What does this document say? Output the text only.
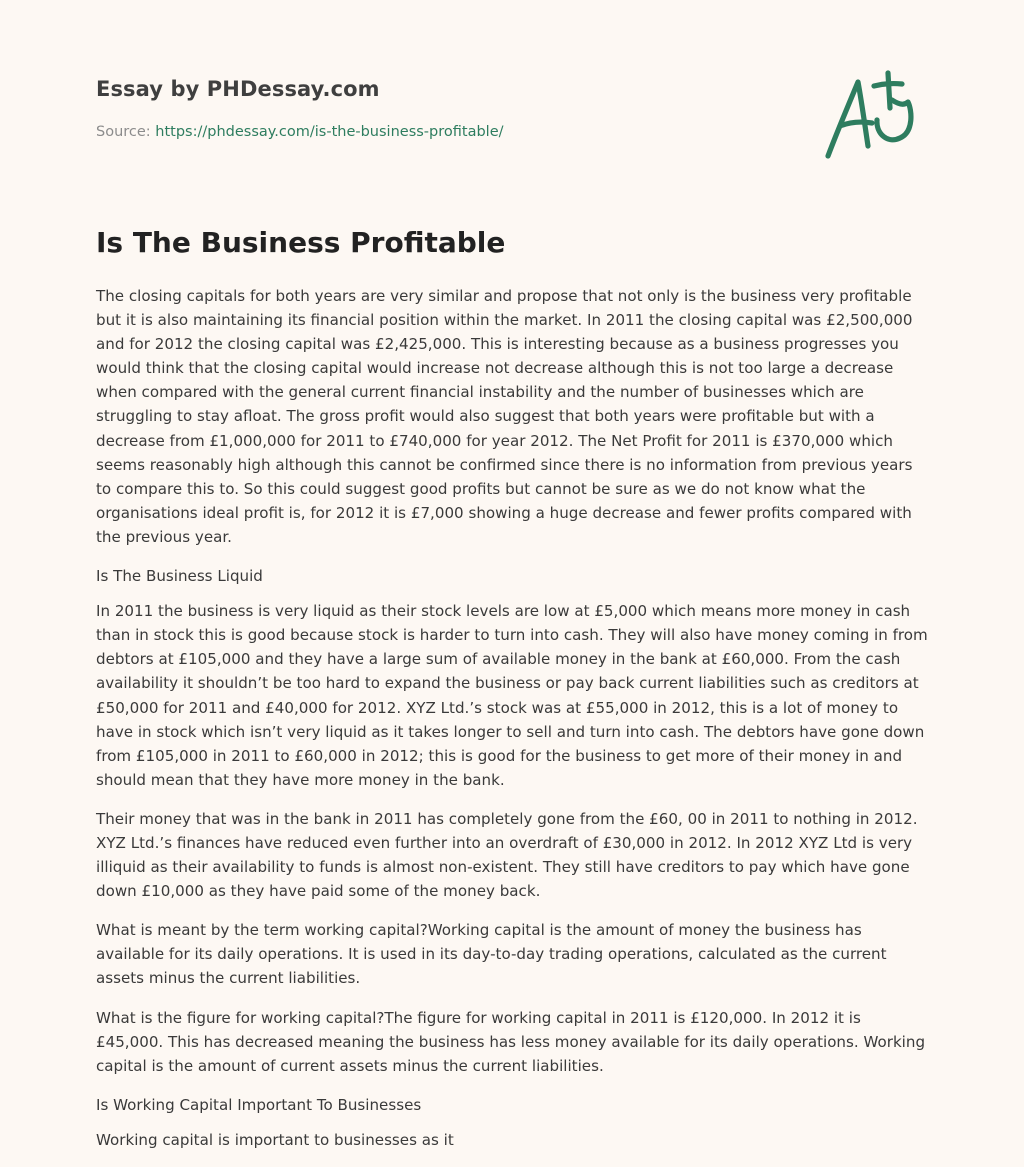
Essay by PHDessay.com
Source: https://phdessay.com/is-the-business-profitable/
Is The Business Profitable

The closing capitals for both years are very similar and propose that not only is the business very profitable but it is also maintaining its financial position within the market. In 2011 the closing capital was £2,500,000 and for 2012 the closing capital was £2,425,000. This is interesting because as a business progresses you would think that the closing capital would increase not decrease although this is not too large a decrease when compared with the general current financial instability and the number of businesses which are struggling to stay afloat. The gross profit would also suggest that both years were profitable but with a decrease from £1,000,000 for 2011 to £740,000 for year 2012. The Net Profit for 2011 is £370,000 which seems reasonably high although this cannot be confirmed since there is no information from previous years to compare this to. So this could suggest good profits but cannot be sure as we do not know what the organisations ideal profit is, for 2012 it is £7,000 showing a huge decrease and fewer profits compared with the previous year.

Is The Business Liquid

In 2011 the business is very liquid as their stock levels are low at £5,000 which means more money in cash than in stock this is good because stock is harder to turn into cash. They will also have money coming in from debtors at £105,000 and they have a large sum of available money in the bank at £60,000. From the cash availability it shouldn’t be too hard to expand the business or pay back current liabilities such as creditors at £50,000 for 2011 and £40,000 for 2012. XYZ Ltd.’s stock was at £55,000 in 2012, this is a lot of money to have in stock which isn’t very liquid as it takes longer to sell and turn into cash. The debtors have gone down from £105,000 in 2011 to £60,000 in 2012; this is good for the business to get more of their money in and should mean that they have more money in the bank.

Their money that was in the bank in 2011 has completely gone from the £60, 00 in 2011 to nothing in 2012. XYZ Ltd.’s finances have reduced even further into an overdraft of £30,000 in 2012. In 2012 XYZ Ltd is very illiquid as their availability to funds is almost non-existent. They still have creditors to pay which have gone down £10,000 as they have paid some of the money back.

What is meant by the term working capital?Working capital is the amount of money the business has available for its daily operations. It is used in its day-to-day trading operations, calculated as the current assets minus the current liabilities.

What is the figure for working capital?The figure for working capital in 2011 is £120,000. In 2012 it is £45,000. This has decreased meaning the business has less money available for its daily operations. Working capital is the amount of current assets minus the current liabilities.

Is Working Capital Important To Businesses

Working capital is important to businesses as it
